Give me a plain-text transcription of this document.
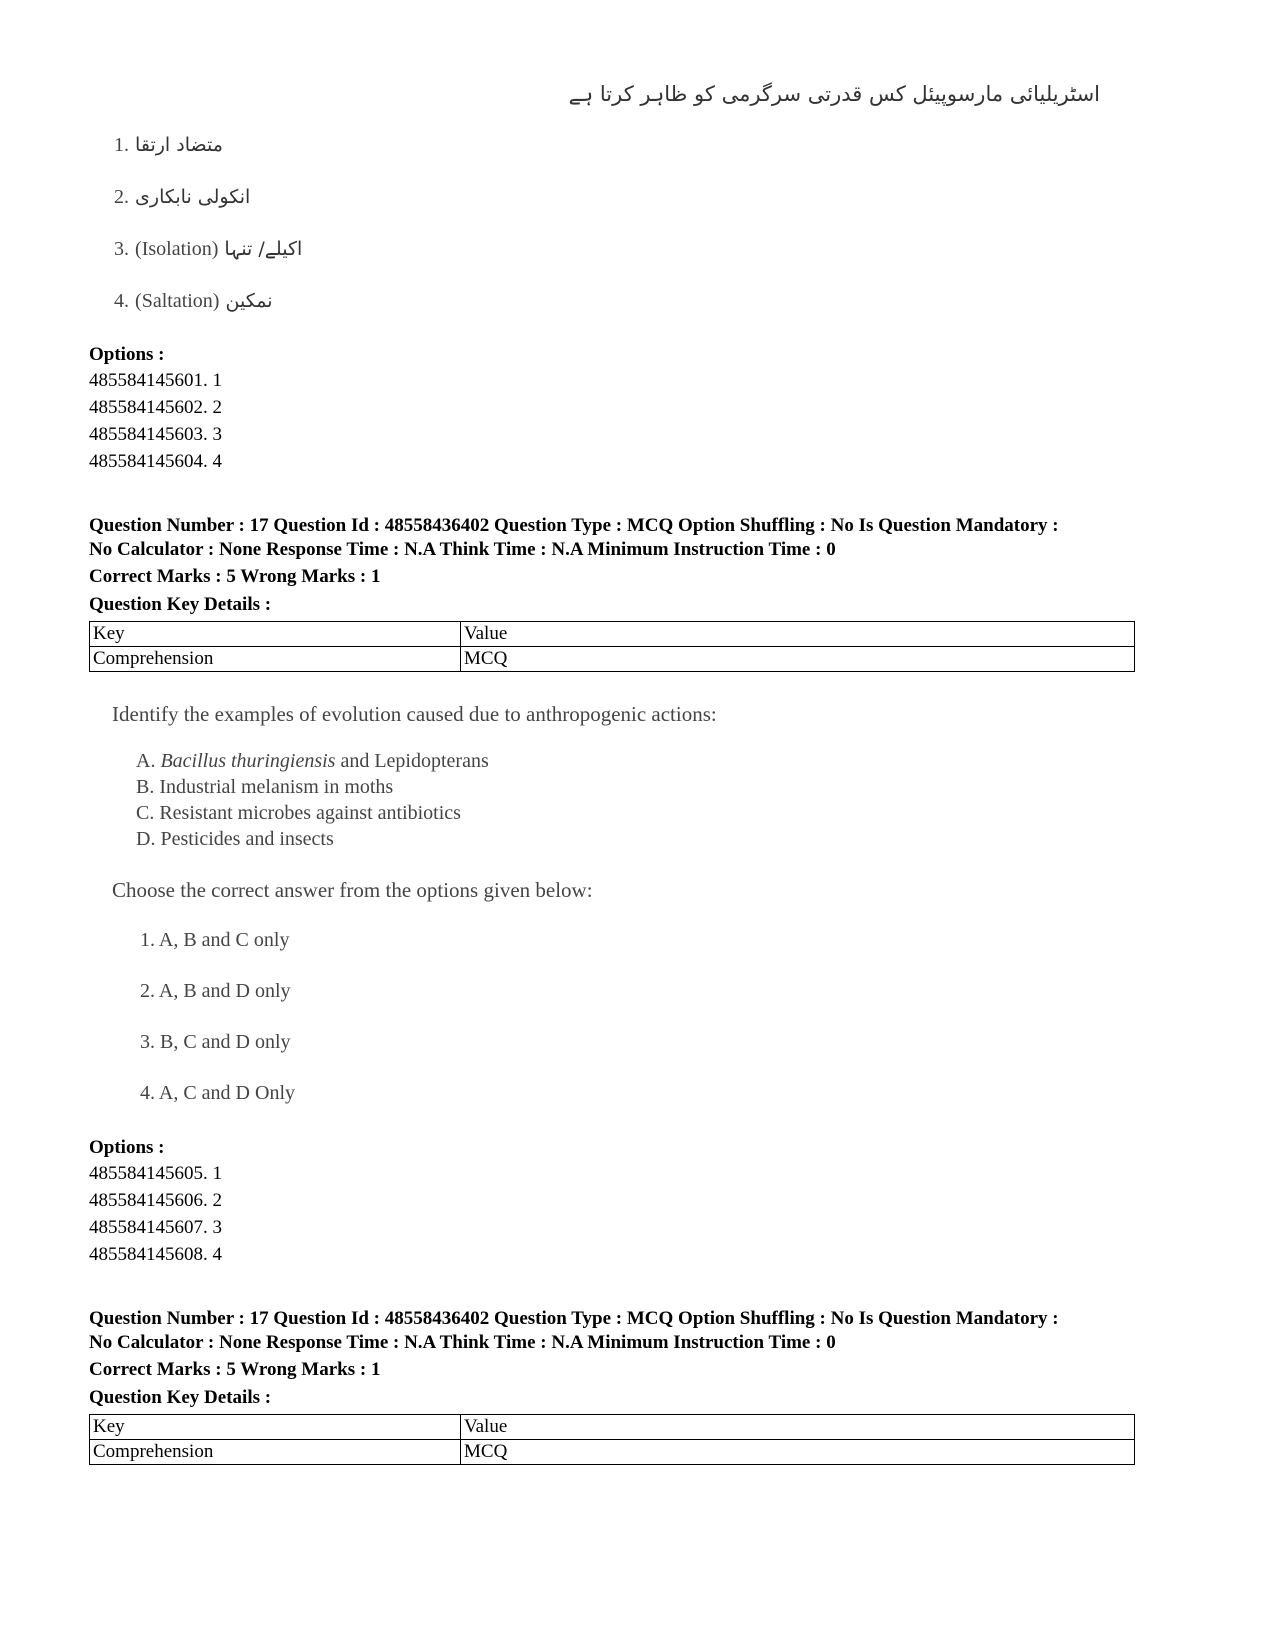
اسٹریلیائی مارسوپیئل کس قدرتی سرگرمی کو ظاہر کرتا ہے
1. متضاد ارتقا
2. انکولی نابکاری
3. (Isolation) اکیلے/ تنہا
4. (Saltation) نمکین
Options :
485584145601. 1
485584145602. 2
485584145603. 3
485584145604. 4
Question Number : 17 Question Id : 48558436402 Question Type : MCQ Option Shuffling : No Is Question Mandatory :
No Calculator : None Response Time : N.A Think Time : N.A Minimum Instruction Time : 0
Correct Marks : 5 Wrong Marks : 1
Question Key Details :
Key	Value
Comprehension	MCQ
Identify the examples of evolution caused due to anthropogenic actions:
A. Bacillus thuringiensis and Lepidopterans
B. Industrial melanism in moths
C. Resistant microbes against antibiotics
D. Pesticides and insects
Choose the correct answer from the options given below:
1. A, B and C only
2. A, B and D only
3. B, C and D only
4. A, C and D Only
Options :
485584145605. 1
485584145606. 2
485584145607. 3
485584145608. 4
Question Number : 17 Question Id : 48558436402 Question Type : MCQ Option Shuffling : No Is Question Mandatory :
No Calculator : None Response Time : N.A Think Time : N.A Minimum Instruction Time : 0
Correct Marks : 5 Wrong Marks : 1
Question Key Details :
Key	Value
Comprehension	MCQ
